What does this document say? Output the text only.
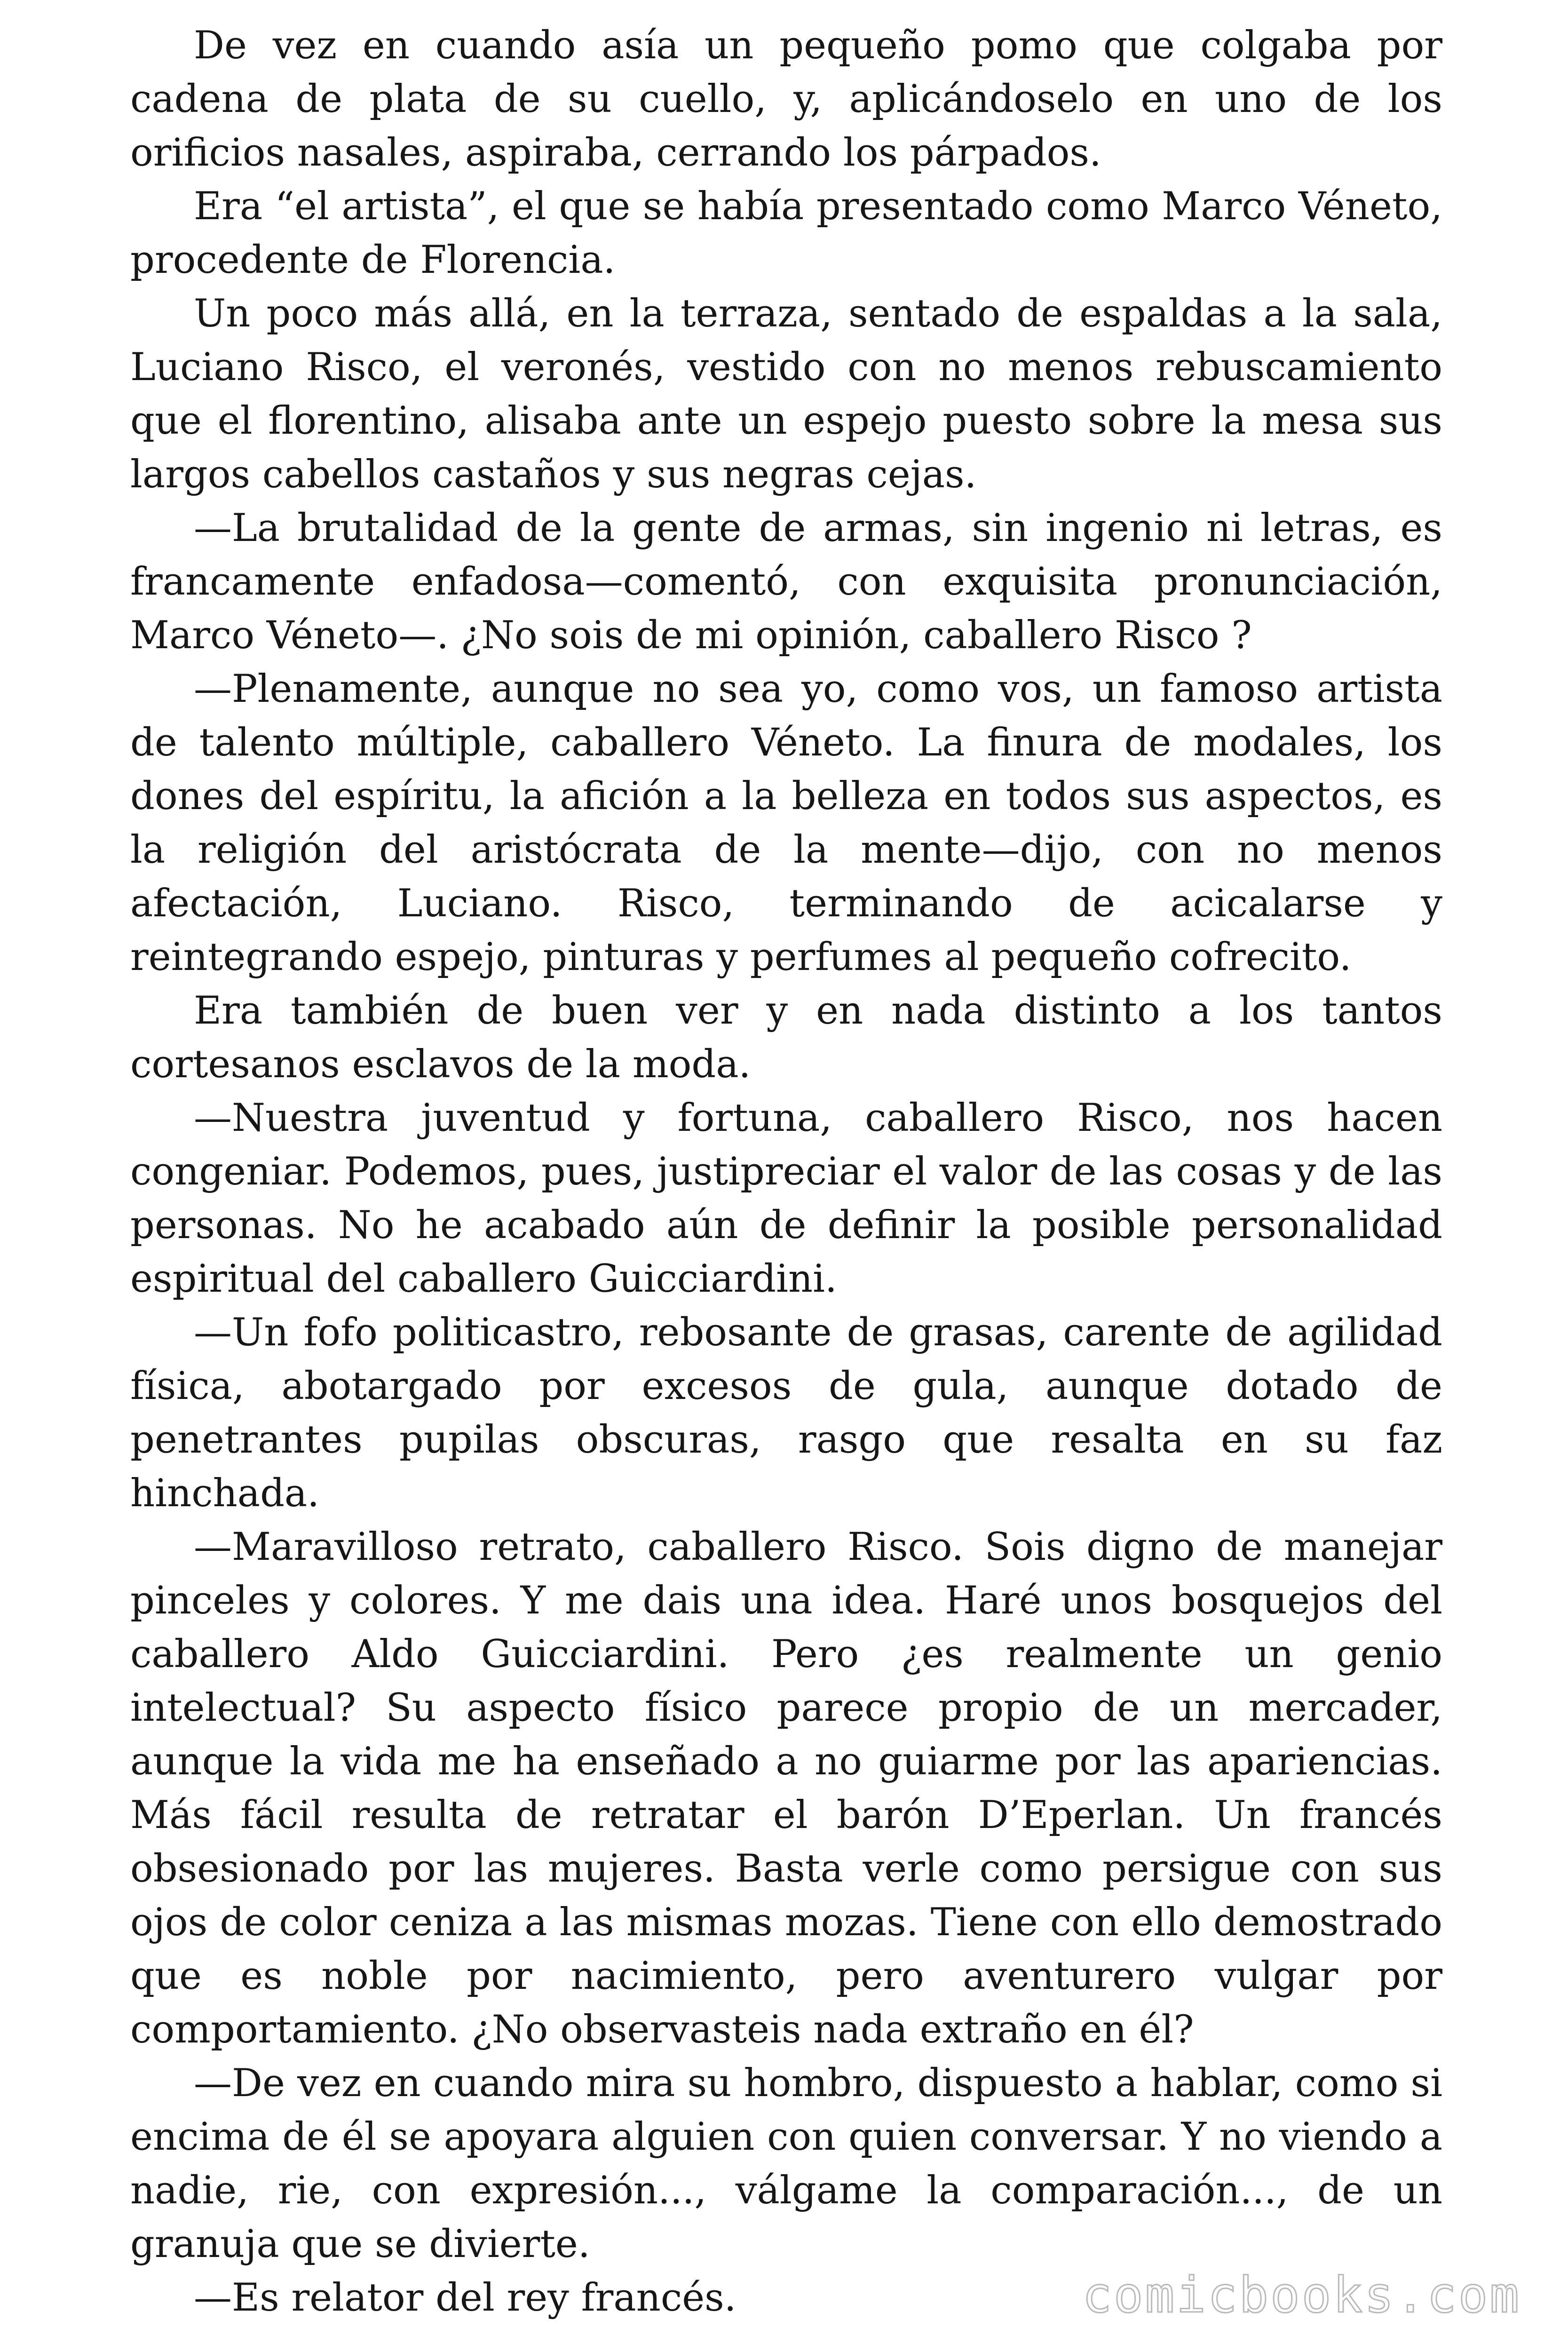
De vez en cuando asía un pequeño pomo que colgaba por cadena de plata de su cuello, y, aplicándoselo en uno de los orificios nasales, aspiraba, cerrando los párpados.

Era “el artista”, el que se había presentado como Marco Véneto, procedente de Florencia.

Un poco más allá, en la terraza, sentado de espaldas a la sala, Luciano Risco, el veronés, vestido con no menos rebuscamiento que el florentino, alisaba ante un espejo puesto sobre la mesa sus largos cabellos castaños y sus negras cejas.

—La brutalidad de la gente de armas, sin ingenio ni letras, es francamente enfadosa—comentó, con exquisita pronunciación, Marco Véneto—. ¿No sois de mi opinión, caballero Risco ?

—Plenamente, aunque no sea yo, como vos, un famoso artista de talento múltiple, caballero Véneto. La finura de modales, los dones del espíritu, la afición a la belleza en todos sus aspectos, es la religión del aristócrata de la mente—dijo, con no menos afectación, Luciano. Risco, terminando de acicalarse y reintegrando espejo, pinturas y perfumes al pequeño cofrecito.

Era también de buen ver y en nada distinto a los tantos cortesanos esclavos de la moda.

—Nuestra juventud y fortuna, caballero Risco, nos hacen congeniar. Podemos, pues, justipreciar el valor de las cosas y de las personas. No he acabado aún de definir la posible personalidad espiritual del caballero Guicciardini.

—Un fofo politicastro, rebosante de grasas, carente de agilidad física, abotargado por excesos de gula, aunque dotado de penetrantes pupilas obscuras, rasgo que resalta en su faz hinchada.

—Maravilloso retrato, caballero Risco. Sois digno de manejar pinceles y colores. Y me dais una idea. Haré unos bosquejos del caballero Aldo Guicciardini. Pero ¿es realmente un genio intelectual? Su aspecto físico parece propio de un mercader, aunque la vida me ha enseñado a no guiarme por las apariencias. Más fácil resulta de retratar el barón D’Eperlan. Un francés obsesionado por las mujeres. Basta verle como persigue con sus ojos de color ceniza a las mismas mozas. Tiene con ello demostrado que es noble por nacimiento, pero aventurero vulgar por comportamiento. ¿No observasteis nada extraño en él?

—De vez en cuando mira su hombro, dispuesto a hablar, como si encima de él se apoyara alguien con quien conversar. Y no viendo a nadie, rie, con expresión..., válgame la comparación..., de un granuja que se divierte.

—Es relator del rey francés.	comicbooks.com
